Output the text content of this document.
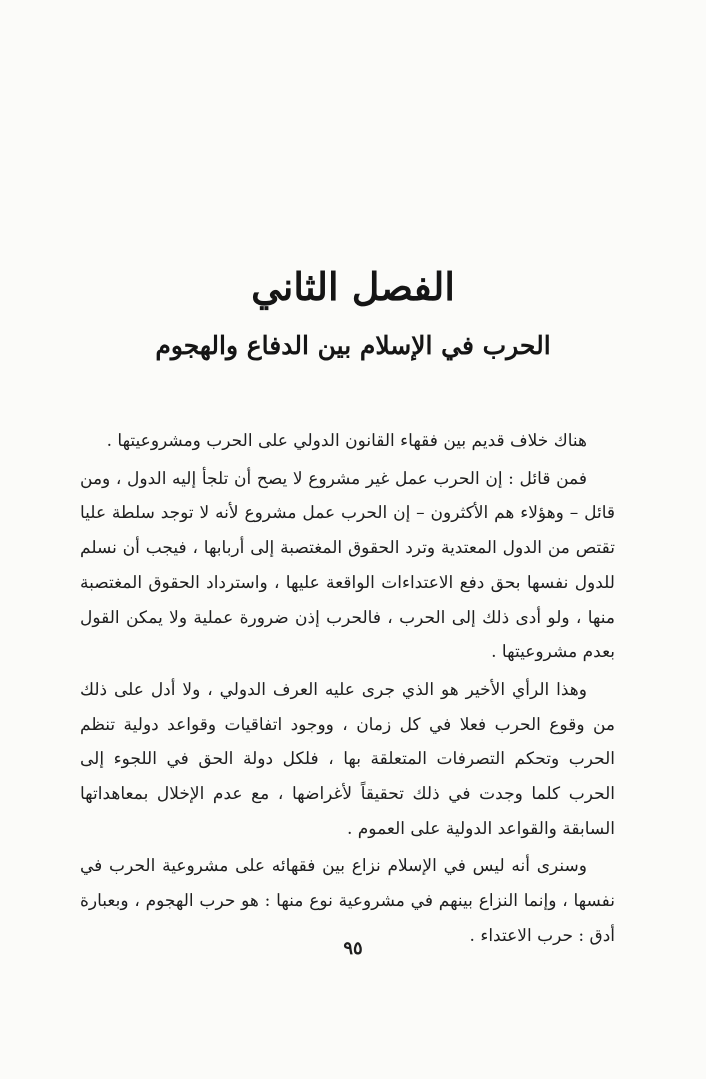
الفصل الثاني
الحرب في الإسلام بين الدفاع والهجوم

هناك خلاف قديم بين فقهاء القانون الدولي على الحرب ومشروعيتها .

فمن قائل : إن الحرب عمل غير مشروع لا يصح أن تلجأ إليه الدول ، ومن قائل – وهؤلاء هم الأكثرون – إن الحرب عمل مشروع لأنه لا توجد سلطة عليا تقتص من الدول المعتدية وترد الحقوق المغتصبة إلى أربابها ، فيجب أن نسلم للدول نفسها بحق دفع الاعتداءات الواقعة عليها ، واسترداد الحقوق المغتصبة منها ، ولو أدى ذلك إلى الحرب ، فالحرب إذن ضرورة عملية ولا يمكن القول بعدم مشروعيتها .

وهذا الرأي الأخير هو الذي جرى عليه العرف الدولي ، ولا أدل على ذلك من وقوع الحرب فعلا في كل زمان ، ووجود اتفاقيات وقواعد دولية تنظم الحرب وتحكم التصرفات المتعلقة بها ، فلكل دولة الحق في اللجوء إلى الحرب كلما وجدت في ذلك تحقيقاً لأغراضها ، مع عدم الإخلال بمعاهداتها السابقة والقواعد الدولية على العموم .

وسنرى أنه ليس في الإسلام نزاع بين فقهائه على مشروعية الحرب في نفسها ، وإنما النزاع بينهم في مشروعية نوع منها : هو حرب الهجوم ، وبعبارة أدق : حرب الاعتداء .

٩٥
